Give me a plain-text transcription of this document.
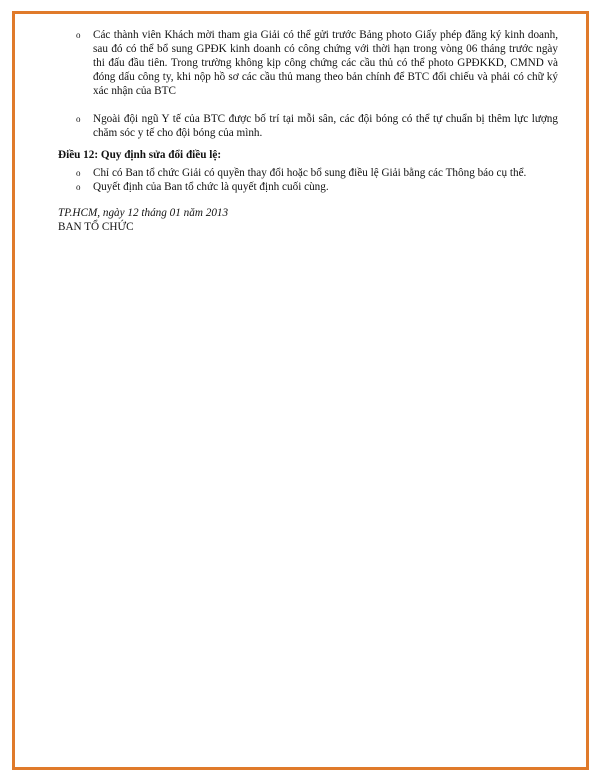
o Các thành viên Khách mời tham gia Giải có thể gửi trước Bảng photo Giấy phép đăng ký kinh doanh, sau đó có thể bổ sung GPĐK kinh doanh có công chứng với thời hạn trong vòng 06 tháng trước ngày thi đấu đầu tiên. Trong trường không kịp công chứng các cầu thủ có thể photo GPĐKKD, CMND và đóng dấu công ty, khi nộp hồ sơ các cầu thủ mang theo bản chính để BTC đối chiếu và phải có chữ ký xác nhận của BTC
o Ngoài đội ngũ Y tế của BTC được bố trí tại mỗi sân, các đội bóng có thể tự chuẩn bị thêm lực lượng chăm sóc y tế cho đội bóng của mình.
Điều 12: Quy định sửa đổi điều lệ:
o Chỉ có Ban tổ chức Giải có quyền thay đổi hoặc bổ sung điều lệ Giải bằng các Thông báo cụ thể.
o Quyết định của Ban tổ chức là quyết định cuối cùng.
TP.HCM, ngày 12 tháng 01 năm 2013
BAN TỔ CHỨC
